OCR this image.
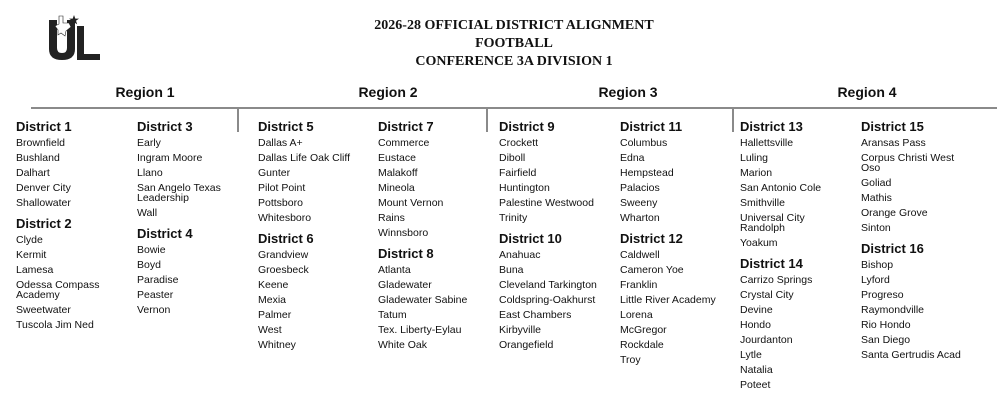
2026-28 OFFICIAL DISTRICT ALIGNMENT
FOOTBALL
CONFERENCE 3A DIVISION 1
Region 1	Region 2	Region 3	Region 4
District 1
Brownfield
Bushland
Dalhart
Denver City
Shallowater
District 2
Clyde
Kermit
Lamesa
Odessa Compass Academy
Sweetwater
Tuscola Jim Ned
District 3
Early
Ingram Moore
Llano
San Angelo Texas Leadership
Wall
District 4
Bowie
Boyd
Paradise
Peaster
Vernon
District 5
Dallas A+
Dallas Life Oak Cliff
Gunter
Pilot Point
Pottsboro
Whitesboro
District 6
Grandview
Groesbeck
Keene
Mexia
Palmer
West
Whitney
District 7
Commerce
Eustace
Malakoff
Mineola
Mount Vernon
Rains
Winnsboro
District 8
Atlanta
Gladewater
Gladewater Sabine
Tatum
Tex. Liberty-Eylau
White Oak
District 9
Crockett
Diboll
Fairfield
Huntington
Palestine Westwood
Trinity
District 10
Anahuac
Buna
Cleveland Tarkington
Coldspring-Oakhurst
East Chambers
Kirbyville
Orangefield
District 11
Columbus
Edna
Hempstead
Palacios
Sweeny
Wharton
District 12
Caldwell
Cameron Yoe
Franklin
Little River Academy
Lorena
McGregor
Rockdale
Troy
District 13
Hallettsville
Luling
Marion
San Antonio Cole
Smithville
Universal City Randolph
Yoakum
District 14
Carrizo Springs
Crystal City
Devine
Hondo
Jourdanton
Lytle
Natalia
Poteet
District 15
Aransas Pass
Corpus Christi West Oso
Goliad
Mathis
Orange Grove
Sinton
District 16
Bishop
Lyford
Progreso
Raymondville
Rio Hondo
San Diego
Santa Gertrudis Acad
